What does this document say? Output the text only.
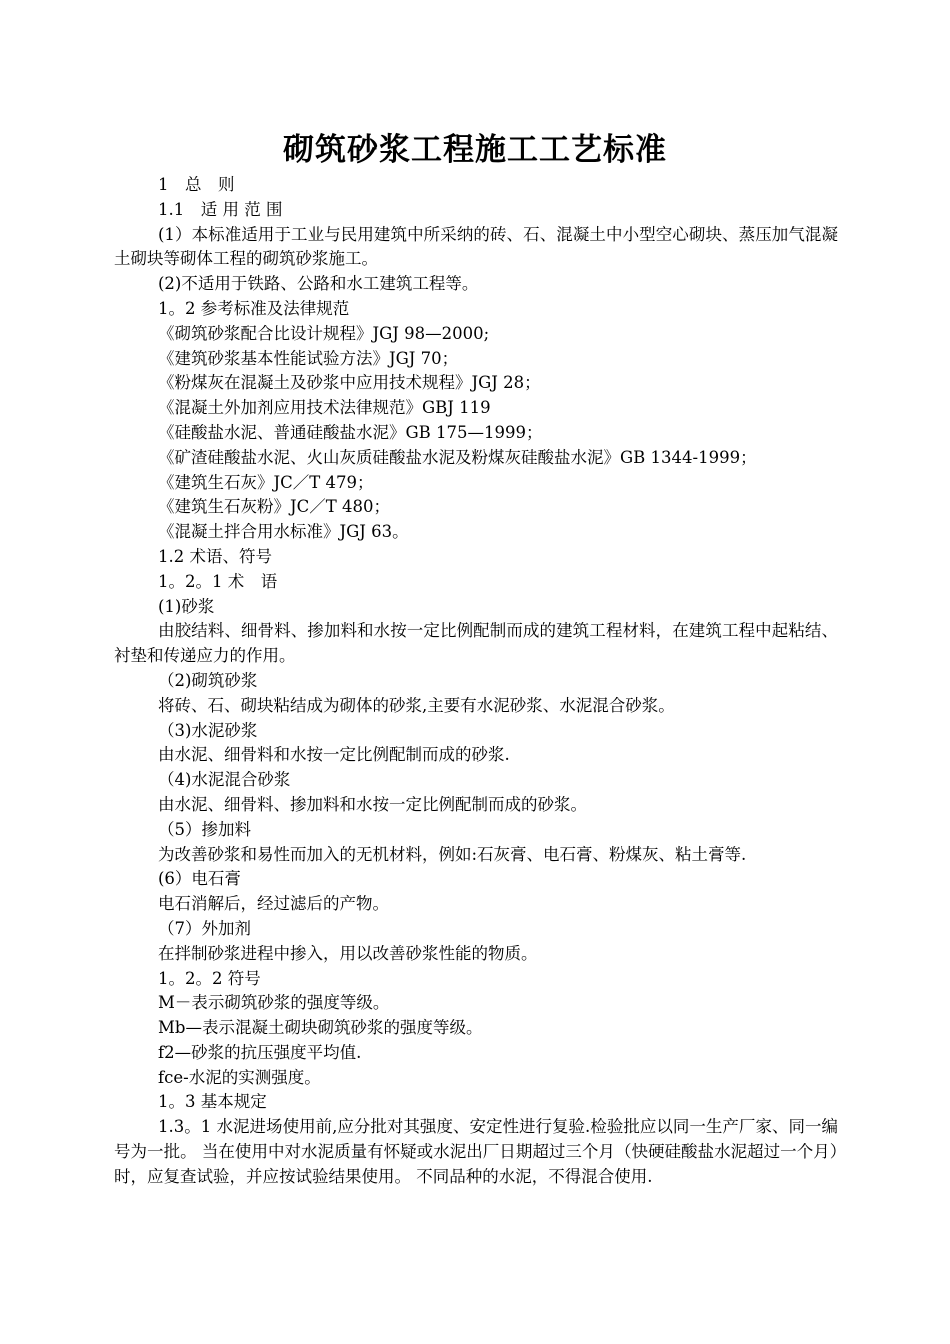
砌筑砂浆工程施工工艺标准

1　总　则

1.1　适 用 范 围

(1）本标准适用于工业与民用建筑中所采纳的砖、石、混凝土中小型空心砌块、蒸压加气混凝土砌块等砌体工程的砌筑砂浆施工。

(2)不适用于铁路、公路和水工建筑工程等。

1。2 参考标准及法律规范

《砌筑砂浆配合比设计规程》JGJ 98—2000;

《建筑砂浆基本性能试验方法》JGJ 70；

《粉煤灰在混凝土及砂浆中应用技术规程》JGJ 28；

《混凝土外加剂应用技术法律规范》GBJ 119

《硅酸盐水泥、普通硅酸盐水泥》GB 175—1999；

《矿渣硅酸盐水泥、火山灰质硅酸盐水泥及粉煤灰硅酸盐水泥》GB 1344-1999；

《建筑生石灰》JC／T 479；

《建筑生石灰粉》JC／T 480；

《混凝土拌合用水标准》JGJ 63。

1.2 术语、符号

1。2。1 术　语

(1)砂浆

由胶结料、细骨料、掺加料和水按一定比例配制而成的建筑工程材料，在建筑工程中起粘结、衬垫和传递应力的作用。

（2)砌筑砂浆

将砖、石、砌块粘结成为砌体的砂浆,主要有水泥砂浆、水泥混合砂浆。

（3)水泥砂浆

由水泥、细骨料和水按一定比例配制而成的砂浆.

（4)水泥混合砂浆

由水泥、细骨料、掺加料和水按一定比例配制而成的砂浆。

（5）掺加料

为改善砂浆和易性而加入的无机材料，例如:石灰膏、电石膏、粉煤灰、粘土膏等.

(6）电石膏

电石消解后，经过滤后的产物。

（7）外加剂

在拌制砂浆进程中掺入，用以改善砂浆性能的物质。

1。2。2 符号

M－表示砌筑砂浆的强度等级。

Mb—表示混凝土砌块砌筑砂浆的强度等级。

f2—砂浆的抗压强度平均值.

fce-水泥的实测强度。

1。3 基本规定

1.3。1 水泥进场使用前,应分批对其强度、安定性进行复验.检验批应以同一生产厂家、同一编号为一批。 当在使用中对水泥质量有怀疑或水泥出厂日期超过三个月（快硬硅酸盐水泥超过一个月）时，应复查试验，并应按试验结果使用。 不同品种的水泥，不得混合使用.
